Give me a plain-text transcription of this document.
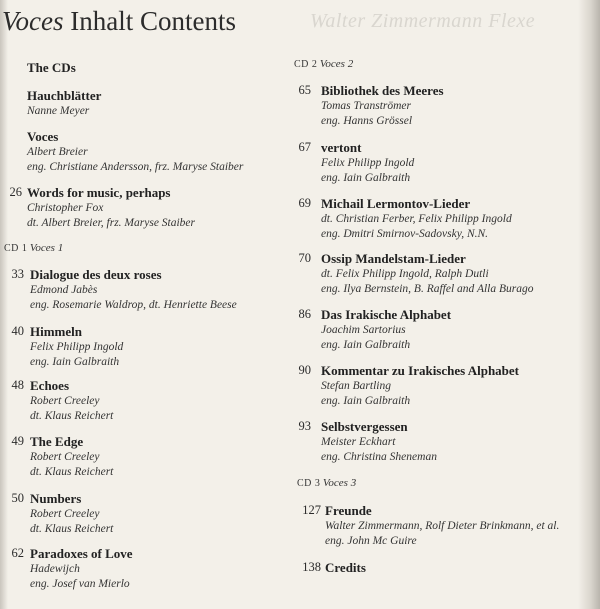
Walter Zimmermann Flexe
Voces Inhalt Contents
The CDs
Hauchblätter
Nanne Meyer
Voces
Albert Breier
eng. Christiane Andersson, frz. Maryse Staiber
26 Words for music, perhaps
Christopher Fox
dt. Albert Breier, frz. Maryse Staiber
CD 1 Voces 1
33 Dialogue des deux roses
Edmond Jabès
eng. Rosemarie Waldrop, dt. Henriette Beese
40 Himmeln
Felix Philipp Ingold
eng. Iain Galbraith
48 Echoes
Robert Creeley
dt. Klaus Reichert
49 The Edge
Robert Creeley
dt. Klaus Reichert
50 Numbers
Robert Creeley
dt. Klaus Reichert
62 Paradoxes of Love
Hadewijch
eng. Josef van Mierlo
CD 2 Voces 2
65 Bibliothek des Meeres
Tomas Tranströmer
eng. Hanns Grössel
67 vertont
Felix Philipp Ingold
eng. Iain Galbraith
69 Michail Lermontov-Lieder
dt. Christian Ferber, Felix Philipp Ingold
eng. Dmitri Smirnov-Sadovsky, N.N.
70 Ossip Mandelstam-Lieder
dt. Felix Philipp Ingold, Ralph Dutli
eng. Ilya Bernstein, B. Raffel and Alla Burago
86 Das Irakische Alphabet
Joachim Sartorius
eng. Iain Galbraith
90 Kommentar zu Irakisches Alphabet
Stefan Bartling
eng. Iain Galbraith
93 Selbstvergessen
Meister Eckhart
eng. Christina Sheneman
CD 3 Voces 3
127 Freunde
Walter Zimmermann, Rolf Dieter Brinkmann, et al.
eng. John Mc Guire
138 Credits
